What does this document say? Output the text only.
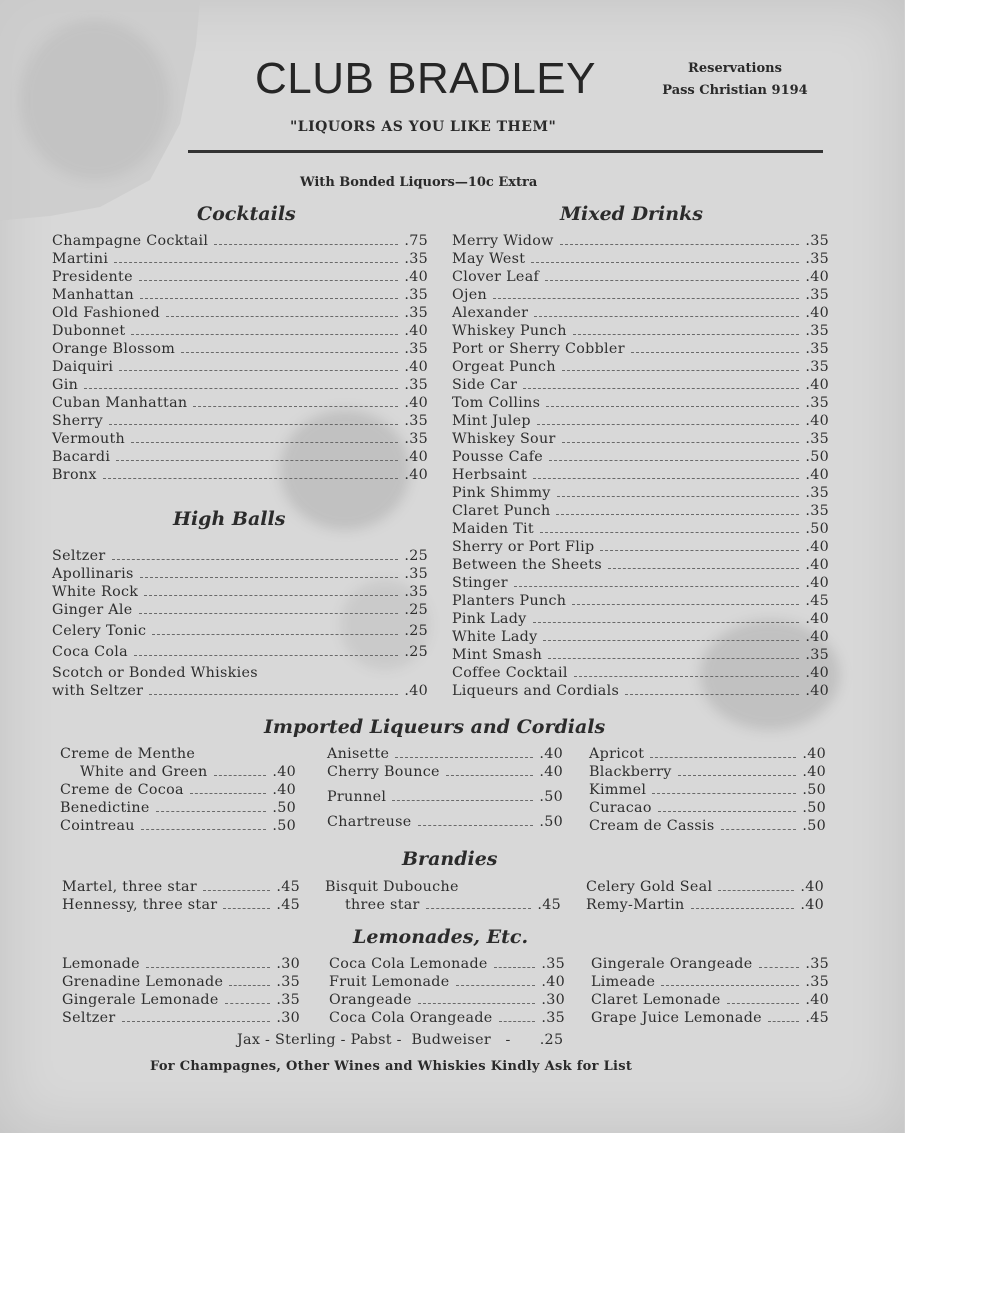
CLUB BRADLEY	Reservations
Pass Christian 9194
"LIQUORS AS YOU LIKE THEM"
With Bonded Liquors—10c Extra
Cocktails
Champagne Cocktail	.75
Martini	.35
Presidente	.40
Manhattan	.35
Old Fashioned	.35
Dubonnet	.40
Orange Blossom	.35
Daiquiri	.40
Gin	.35
Cuban Manhattan	.40
Sherry	.35
Vermouth	.35
Bacardi	.40
Bronx	.40
High Balls
Seltzer	.25
Apollinaris	.35
White Rock	.35
Ginger Ale	.25
Celery Tonic	.25
Coca Cola	.25
Scotch or Bonded Whiskies
with Seltzer	.40
Mixed Drinks
Merry Widow	.35
May West	.35
Clover Leaf	.40
Ojen	.35
Alexander	.40
Whiskey Punch	.35
Port or Sherry Cobbler	.35
Orgeat Punch	.35
Side Car	.40
Tom Collins	.35
Mint Julep	.40
Whiskey Sour	.35
Pousse Cafe	.50
Herbsaint	.40
Pink Shimmy	.35
Claret Punch	.35
Maiden Tit	.50
Sherry or Port Flip	.40
Between the Sheets	.40
Stinger	.40
Planters Punch	.45
Pink Lady	.40
White Lady	.40
Mint Smash	.35
Coffee Cocktail	.40
Liqueurs and Cordials	.40
Imported Liqueurs and Cordials
Creme de Menthe
White and Green	.40
Creme de Cocoa	.40
Benedictine	.50
Cointreau	.50
Anisette	.40
Cherry Bounce	.40
Prunnel	.50
Chartreuse	.50
Apricot	.40
Blackberry	.40
Kimmel	.50
Curacao	.50
Cream de Cassis	.50
Brandies
Martel, three star	.45
Hennessy, three star	.45
Bisquit Dubouche
three star	.45
Celery Gold Seal	.40
Remy-Martin	.40
Lemonades, Etc.
Lemonade	.30
Grenadine Lemonade	.35
Gingerale Lemonade	.35
Seltzer	.30
Coca Cola Lemonade	.35
Fruit Lemonade	.40
Orangeade	.30
Coca Cola Orangeade	.35
Gingerale Orangeade	.35
Limeade	.35
Claret Lemonade	.40
Grape Juice Lemonade	.45
Jax - Sterling - Pabst -  Budweiser   -      .25
For Champagnes, Other Wines and Whiskies Kindly Ask for List
